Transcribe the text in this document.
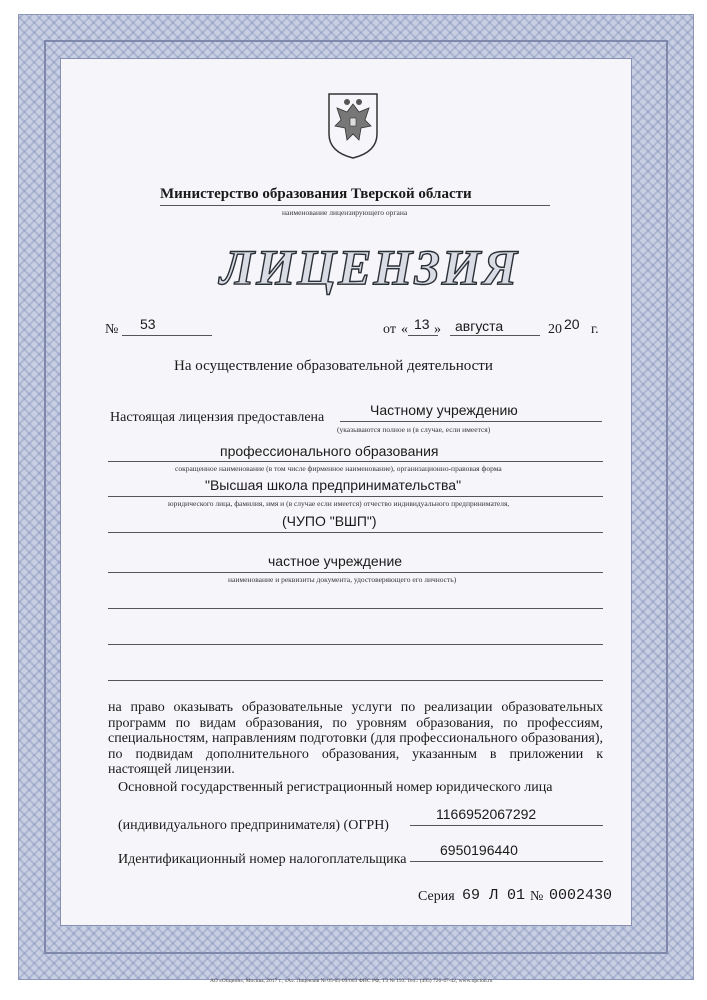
Министерство образования Тверской области
наименование лицензирующего органа
ЛИЦЕНЗИЯ
№ 53	от « 13 » августа	20 20 г.
На осуществление образовательной деятельности
Настоящая лицензия предоставлена	Частному учреждению
(указываются полное и (в случае, если имеется)
профессионального образования
сокращенное наименование (в том числе фирменное наименование), организационно-правовая форма
"Высшая школа предпринимательства"
юридического лица, фамилия, имя и (в случае если имеется) отчество индивидуального предпринимателя,
(ЧУПО "ВШП")
частное учреждение
наименование и реквизиты документа, удостоверяющего его личность)
на право оказывать образовательные услуги по реализации образовательных программ по видам образования, по уровням образования, по профессиям, специальностям, направлениям подготовки (для профессионального образования), по подвидам дополнительного образования, указанным в приложении к настоящей лицензии.
Основной государственный регистрационный номер юридического лица
(индивидуального предпринимателя) (ОГРН)
1166952067292
Идентификационный номер налогоплательщика
6950196440
Серия 69 Л 01 № 0002430
АО «Опцион», Москва, 2017 г., «А». Лицензия № 05-05-09/003 ФНС РФ, ТЗ № 193. Тел.: (495) 726-47-42, www.opcion.ru
